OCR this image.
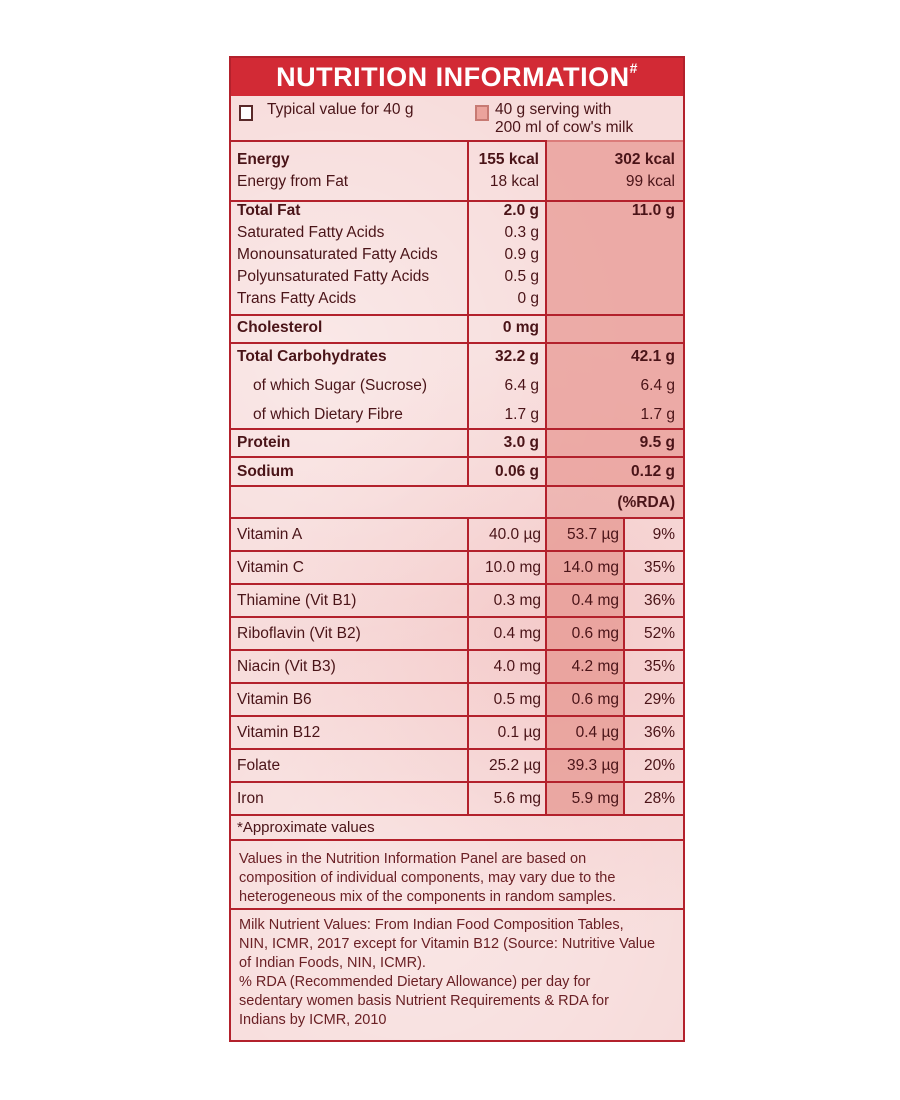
NUTRITION INFORMATION#
Typical value for 40 g	40 g serving with
200 ml of cow's milk
Energy	155 kcal	302 kcal
Energy from Fat	18 kcal	99 kcal
Total Fat	2.0 g	11.0 g
Saturated Fatty Acids	0.3 g
Monounsaturated Fatty Acids	0.9 g
Polyunsaturated Fatty Acids	0.5 g
Trans Fatty Acids	0 g
Cholesterol	0 mg
Total Carbohydrates	32.2 g	42.1 g
of which Sugar (Sucrose)	6.4 g	6.4 g
of which Dietary Fibre	1.7 g	1.7 g
Protein	3.0 g	9.5 g
Sodium	0.06 g	0.12 g
(%RDA)
Vitamin A	40.0 µg	53.7 µg	9%
Vitamin C	10.0 mg	14.0 mg	35%
Thiamine (Vit B1)	0.3 mg	0.4 mg	36%
Riboflavin (Vit B2)	0.4 mg	0.6 mg	52%
Niacin (Vit B3)	4.0 mg	4.2 mg	35%
Vitamin B6	0.5 mg	0.6 mg	29%
Vitamin B12	0.1 µg	0.4 µg	36%
Folate	25.2 µg	39.3 µg	20%
Iron	5.6 mg	5.9 mg	28%
*Approximate values
Values in the Nutrition Information Panel are based on
composition of individual components, may vary due to the
heterogeneous mix of the components in random samples.
Milk Nutrient Values: From Indian Food Composition Tables,
NIN, ICMR, 2017 except for Vitamin B12 (Source: Nutritive Value
of Indian Foods, NIN, ICMR).
% RDA (Recommended Dietary Allowance) per day for
sedentary women basis Nutrient Requirements & RDA for
Indians by ICMR, 2010
